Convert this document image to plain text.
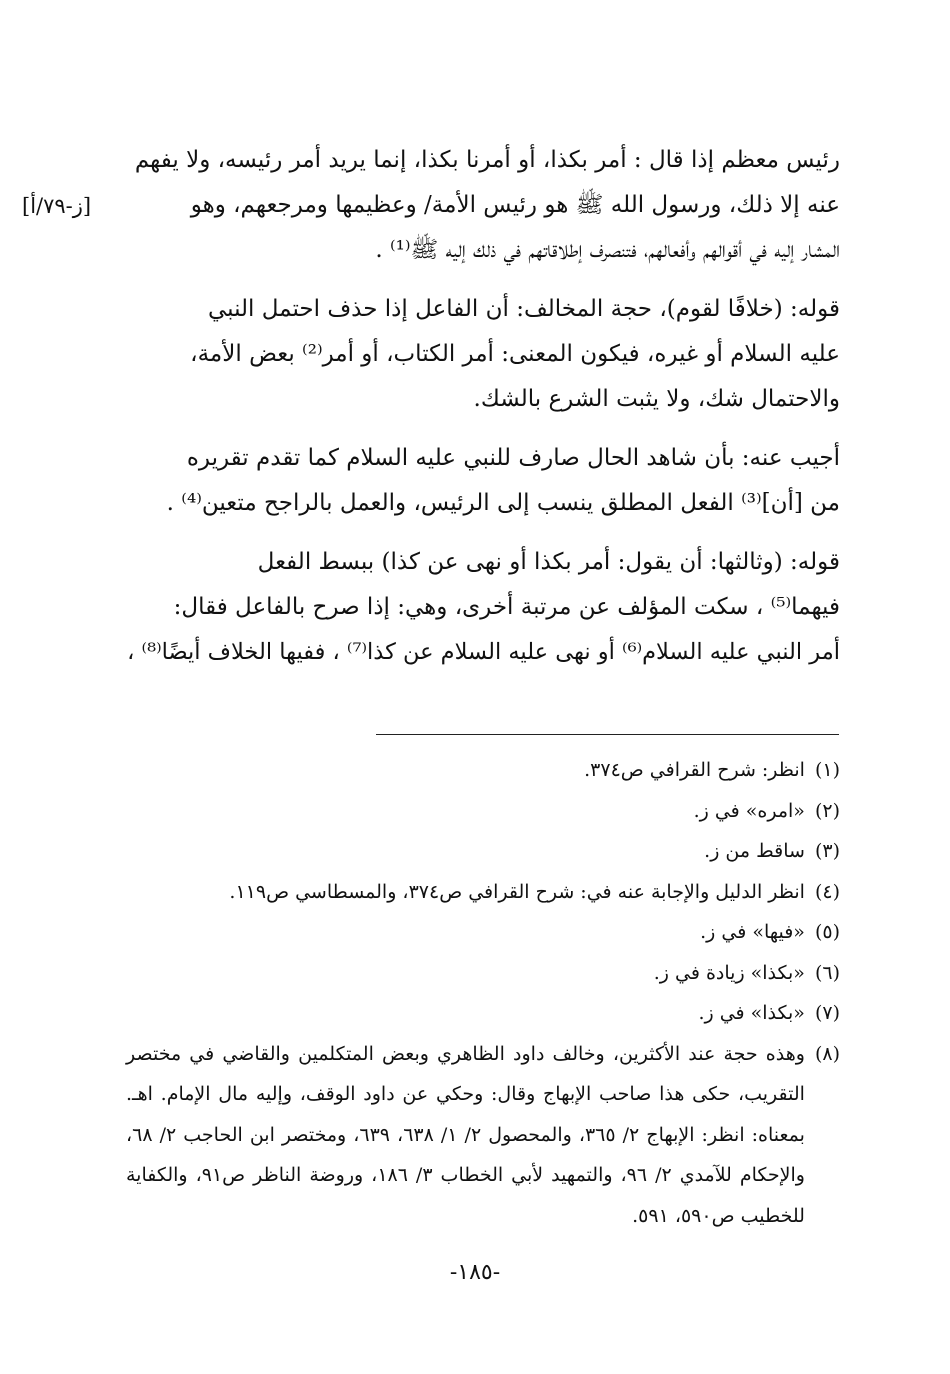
[ز-٧٩/أ]
رئيس معظم إذا قال : أمر بكذا، أو أمرنا بكذا، إنما يريد أمر رئيسه، ولا يفهم
عنه إلا ذلك، ورسول الله ﷺ هو رئيس الأمة/ وعظيمها ومرجعهم، وهو
المشار إليه في أقوالهم وأفعالهم، فتنصرف إطلاقاتهم في ذلك إليه ﷺ⁽¹⁾ .
قوله: (خلافًا لقوم)، حجة المخالف: أن الفاعل إذا حذف احتمل النبي
عليه السلام أو غيره، فيكون المعنى: أمر الكتاب، أو أمر⁽²⁾ بعض الأمة،
والاحتمال شك، ولا يثبت الشرع بالشك.
أجيب عنه: بأن شاهد الحال صارف للنبي عليه السلام كما تقدم تقريره
من [أن]⁽³⁾ الفعل المطلق ينسب إلى الرئيس، والعمل بالراجح متعين⁽⁴⁾ .
قوله: (وثالثها: أن يقول: أمر بكذا أو نهى عن كذا) ببسط الفعل
فيهما⁽⁵⁾ ، سكت المؤلف عن مرتبة أخرى، وهي: إذا صرح بالفاعل فقال:
أمر النبي عليه السلام⁽⁶⁾ أو نهى عليه السلام عن كذا⁽⁷⁾ ، ففيها الخلاف أيضًا⁽⁸⁾ ،
(١)
انظر: شرح القرافي ص٣٧٤.
(٢)
«امره» في ز.
(٣)
ساقط من ز.
(٤)
انظر الدليل والإجابة عنه في: شرح القرافي ص٣٧٤، والمسطاسي ص١١٩.
(٥)
«فيها» في ز.
(٦)
«بكذا» زيادة في ز.
(٧)
«بكذا» في ز.
(٨)
وهذه حجة عند الأكثرين، وخالف داود الظاهري وبعض المتكلمين والقاضي في مختصر التقريب، حكى هذا صاحب الإبهاج وقال: وحكي عن داود الوقف، وإليه مال الإمام. اهـ. بمعناه: انظر: الإبهاج ٢/ ٣٦٥، والمحصول ٢/ ١/ ٦٣٨، ٦٣٩، ومختصر ابن الحاجب ٢/ ٦٨، والإحكام للآمدي ٢/ ٩٦، والتمهيد لأبي الخطاب ٣/ ١٨٦، وروضة الناظر ص٩١، والكفاية للخطيب ص٥٩٠، ٥٩١.
-١٨٥-
